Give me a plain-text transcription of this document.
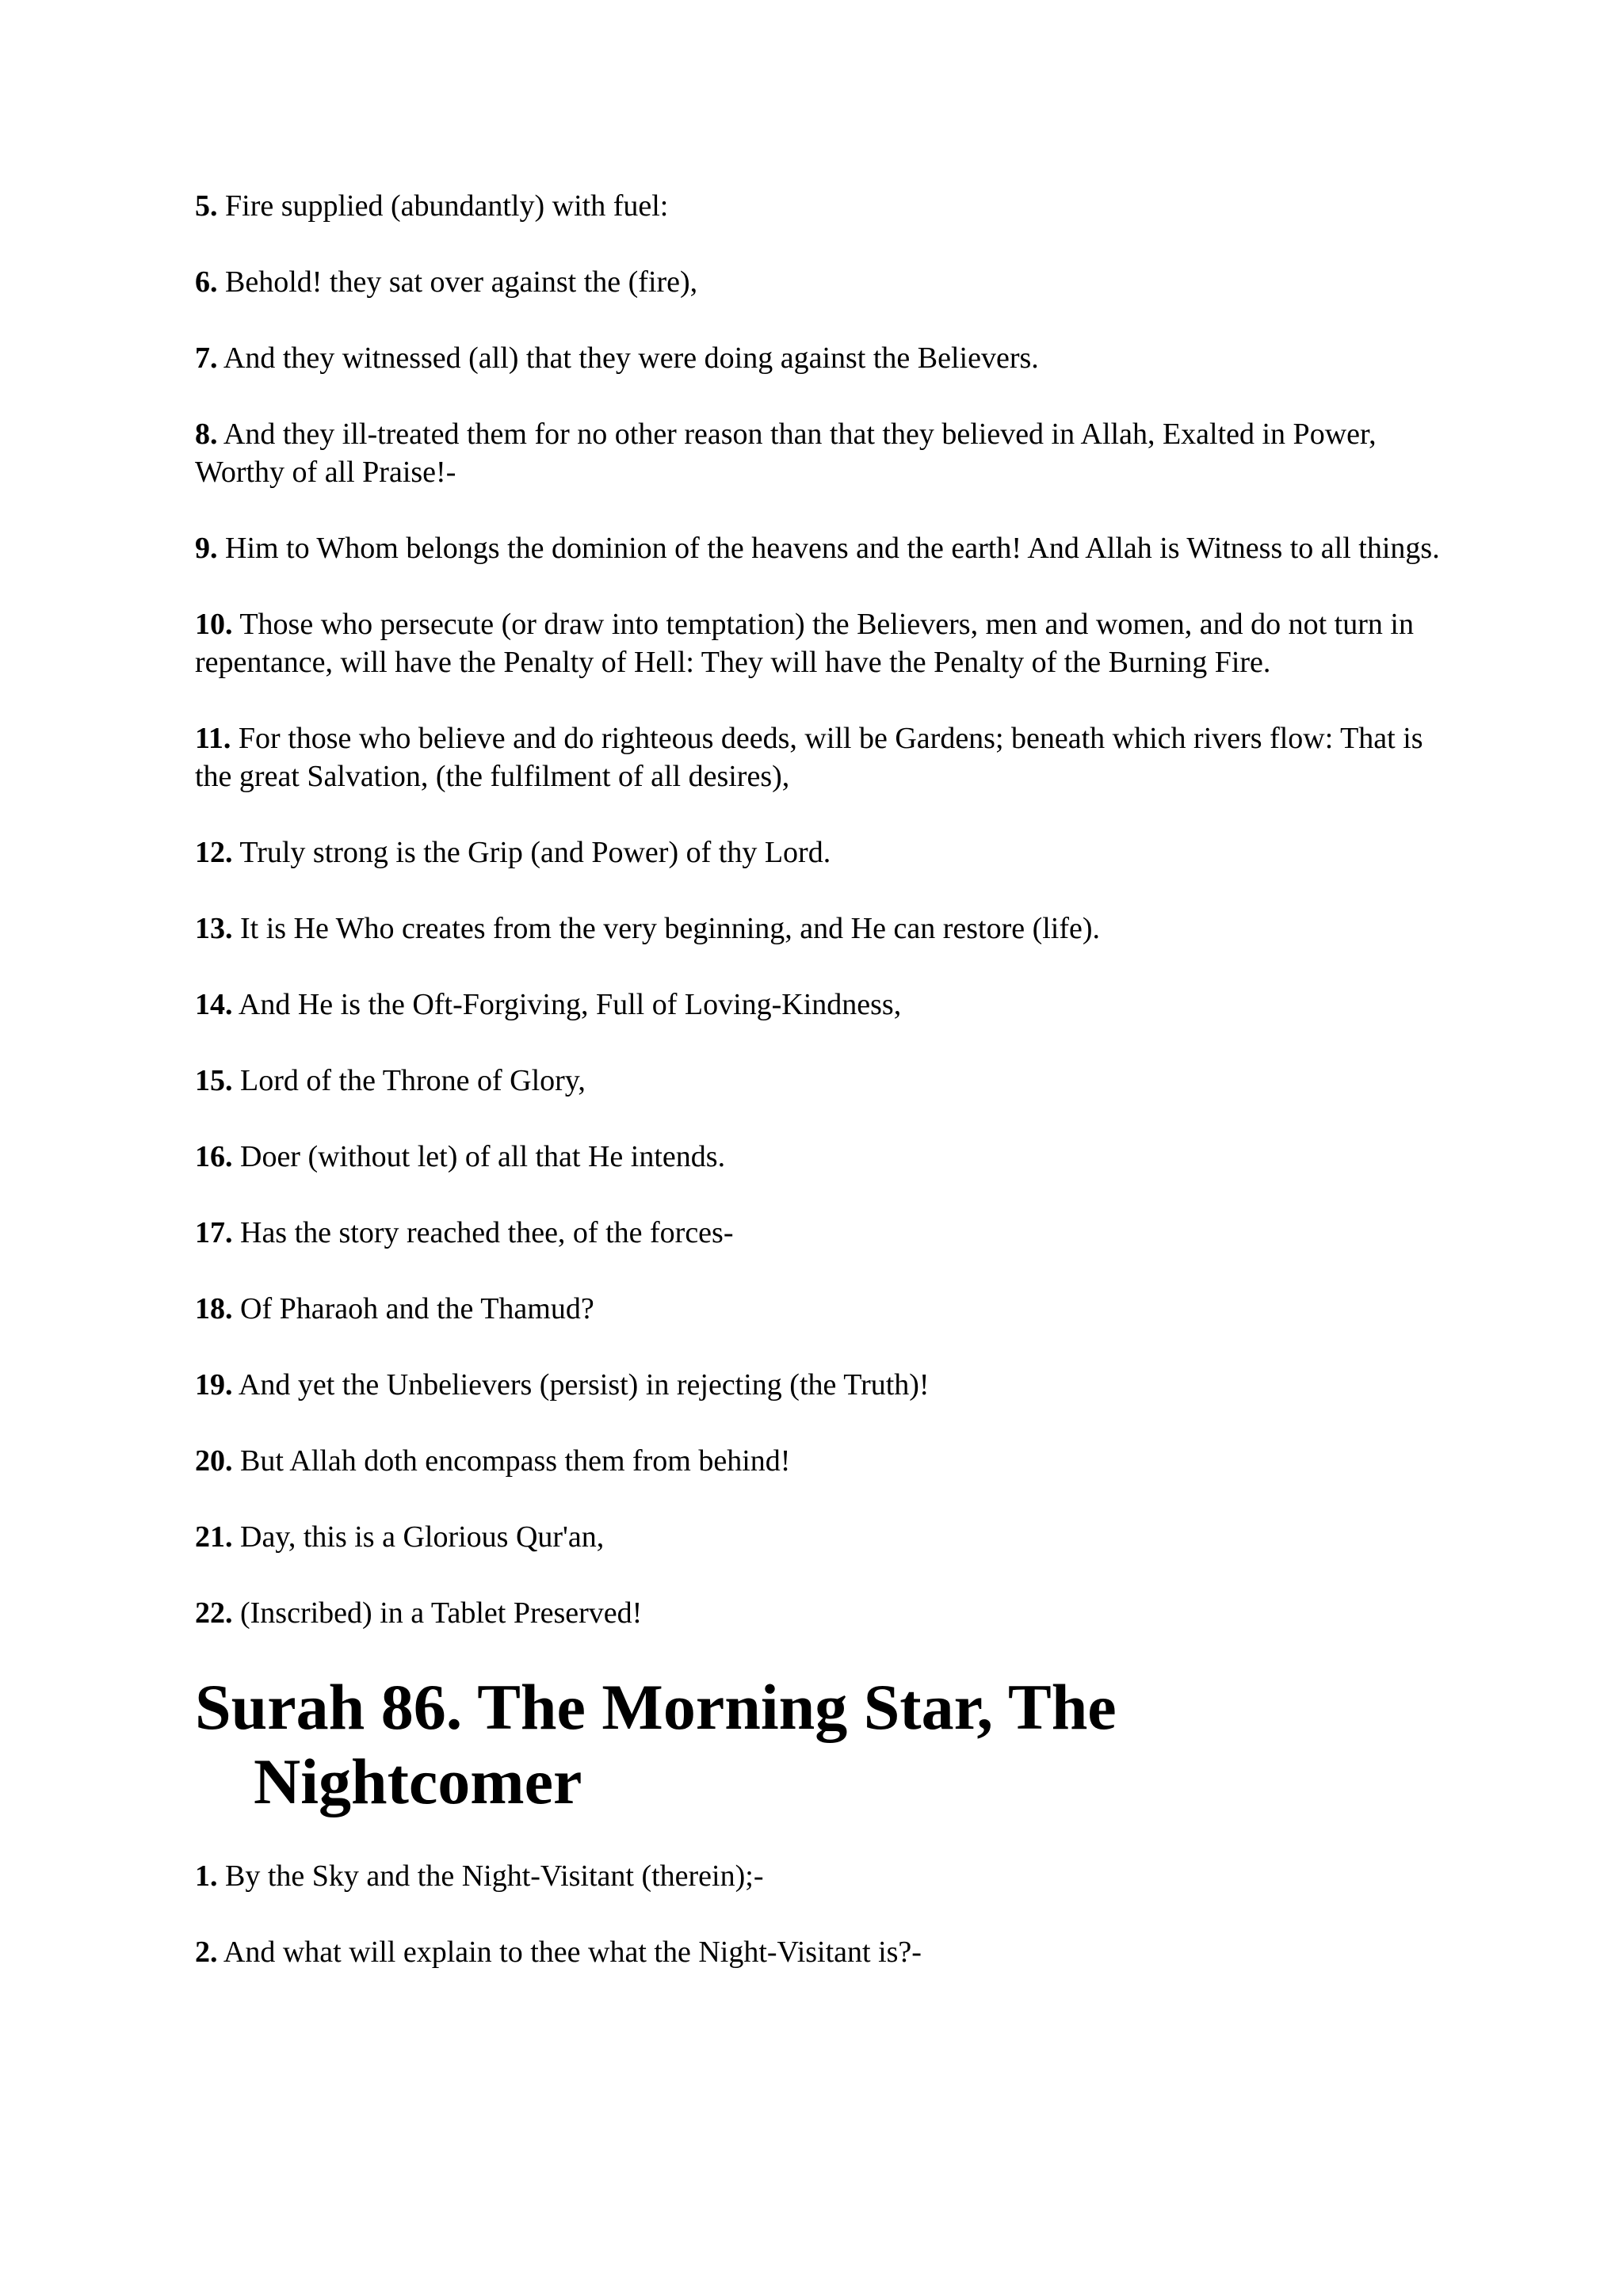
5. Fire supplied (abundantly) with fuel:

6. Behold! they sat over against the (fire),

7. And they witnessed (all) that they were doing against the Believers.

8. And they ill-treated them for no other reason than that they believed in Allah, Exalted in Power, Worthy of all Praise!-

9. Him to Whom belongs the dominion of the heavens and the earth! And Allah is Witness to all things.

10. Those who persecute (or draw into temptation) the Believers, men and women, and do not turn in repentance, will have the Penalty of Hell: They will have the Penalty of the Burning Fire.

11. For those who believe and do righteous deeds, will be Gardens; beneath which rivers flow: That is the great Salvation, (the fulfilment of all desires),

12. Truly strong is the Grip (and Power) of thy Lord.

13. It is He Who creates from the very beginning, and He can restore (life).

14. And He is the Oft-Forgiving, Full of Loving-Kindness,

15. Lord of the Throne of Glory,

16. Doer (without let) of all that He intends.

17. Has the story reached thee, of the forces-

18. Of Pharaoh and the Thamud?

19. And yet the Unbelievers (persist) in rejecting (the Truth)!

20. But Allah doth encompass them from behind!

21. Day, this is a Glorious Qur'an,

22. (Inscribed) in a Tablet Preserved!

Surah 86. The Morning Star, The Nightcomer

1. By the Sky and the Night-Visitant (therein);-

2. And what will explain to thee what the Night-Visitant is?-
